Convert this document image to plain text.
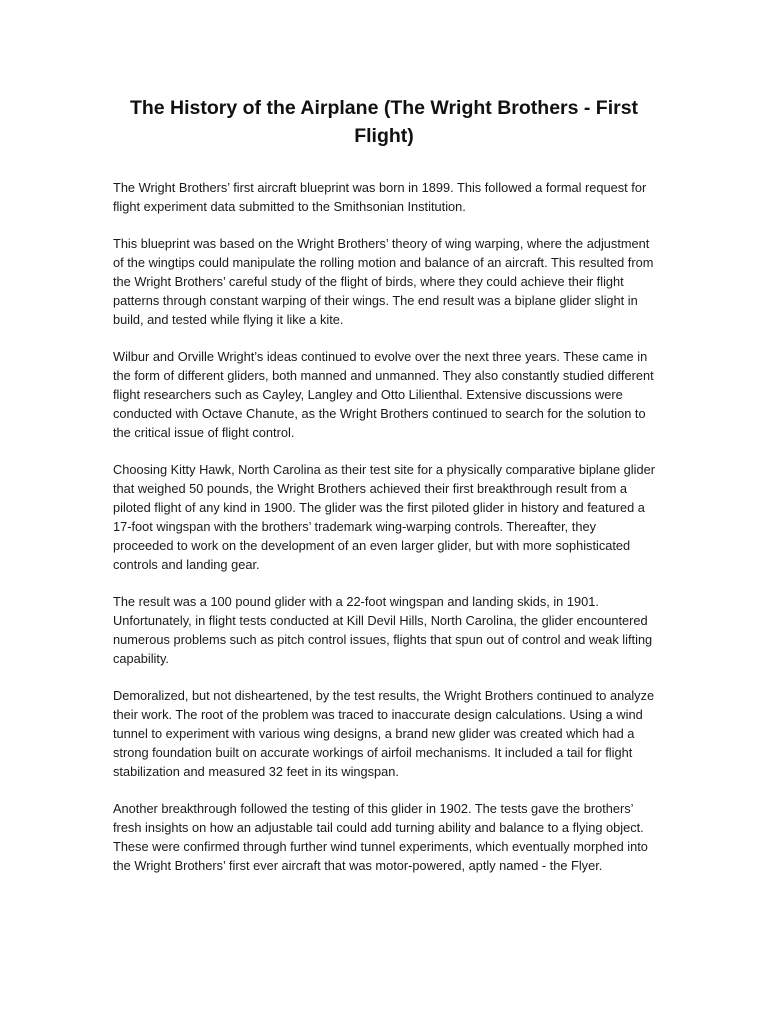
The History of the Airplane (The Wright Brothers - First Flight)

The Wright Brothers’ first aircraft blueprint was born in 1899. This followed a formal request for flight experiment data submitted to the Smithsonian Institution.

This blueprint was based on the Wright Brothers’ theory of wing warping, where the adjustment of the wingtips could manipulate the rolling motion and balance of an aircraft. This resulted from the Wright Brothers’ careful study of the flight of birds, where they could achieve their flight patterns through constant warping of their wings. The end result was a biplane glider slight in build, and tested while flying it like a kite.

Wilbur and Orville Wright’s ideas continued to evolve over the next three years. These came in the form of different gliders, both manned and unmanned. They also constantly studied different flight researchers such as Cayley, Langley and Otto Lilienthal. Extensive discussions were conducted with Octave Chanute, as the Wright Brothers continued to search for the solution to the critical issue of flight control.

Choosing Kitty Hawk, North Carolina as their test site for a physically comparative biplane glider that weighed 50 pounds, the Wright Brothers achieved their first breakthrough result from a piloted flight of any kind in 1900. The glider was the first piloted glider in history and featured a 17-foot wingspan with the brothers’ trademark wing-warping controls. Thereafter, they proceeded to work on the development of an even larger glider, but with more sophisticated controls and landing gear.

The result was a 100 pound glider with a 22-foot wingspan and landing skids, in 1901. Unfortunately, in flight tests conducted at Kill Devil Hills, North Carolina, the glider encountered numerous problems such as pitch control issues, flights that spun out of control and weak lifting capability.

Demoralized, but not disheartened, by the test results, the Wright Brothers continued to analyze their work. The root of the problem was traced to inaccurate design calculations. Using a wind tunnel to experiment with various wing designs, a brand new glider was created which had a strong foundation built on accurate workings of airfoil mechanisms. It included a tail for flight stabilization and measured 32 feet in its wingspan.

Another breakthrough followed the testing of this glider in 1902. The tests gave the brothers’ fresh insights on how an adjustable tail could add turning ability and balance to a flying object. These were confirmed through further wind tunnel experiments, which eventually morphed into the Wright Brothers’ first ever aircraft that was motor-powered, aptly named - the Flyer.
